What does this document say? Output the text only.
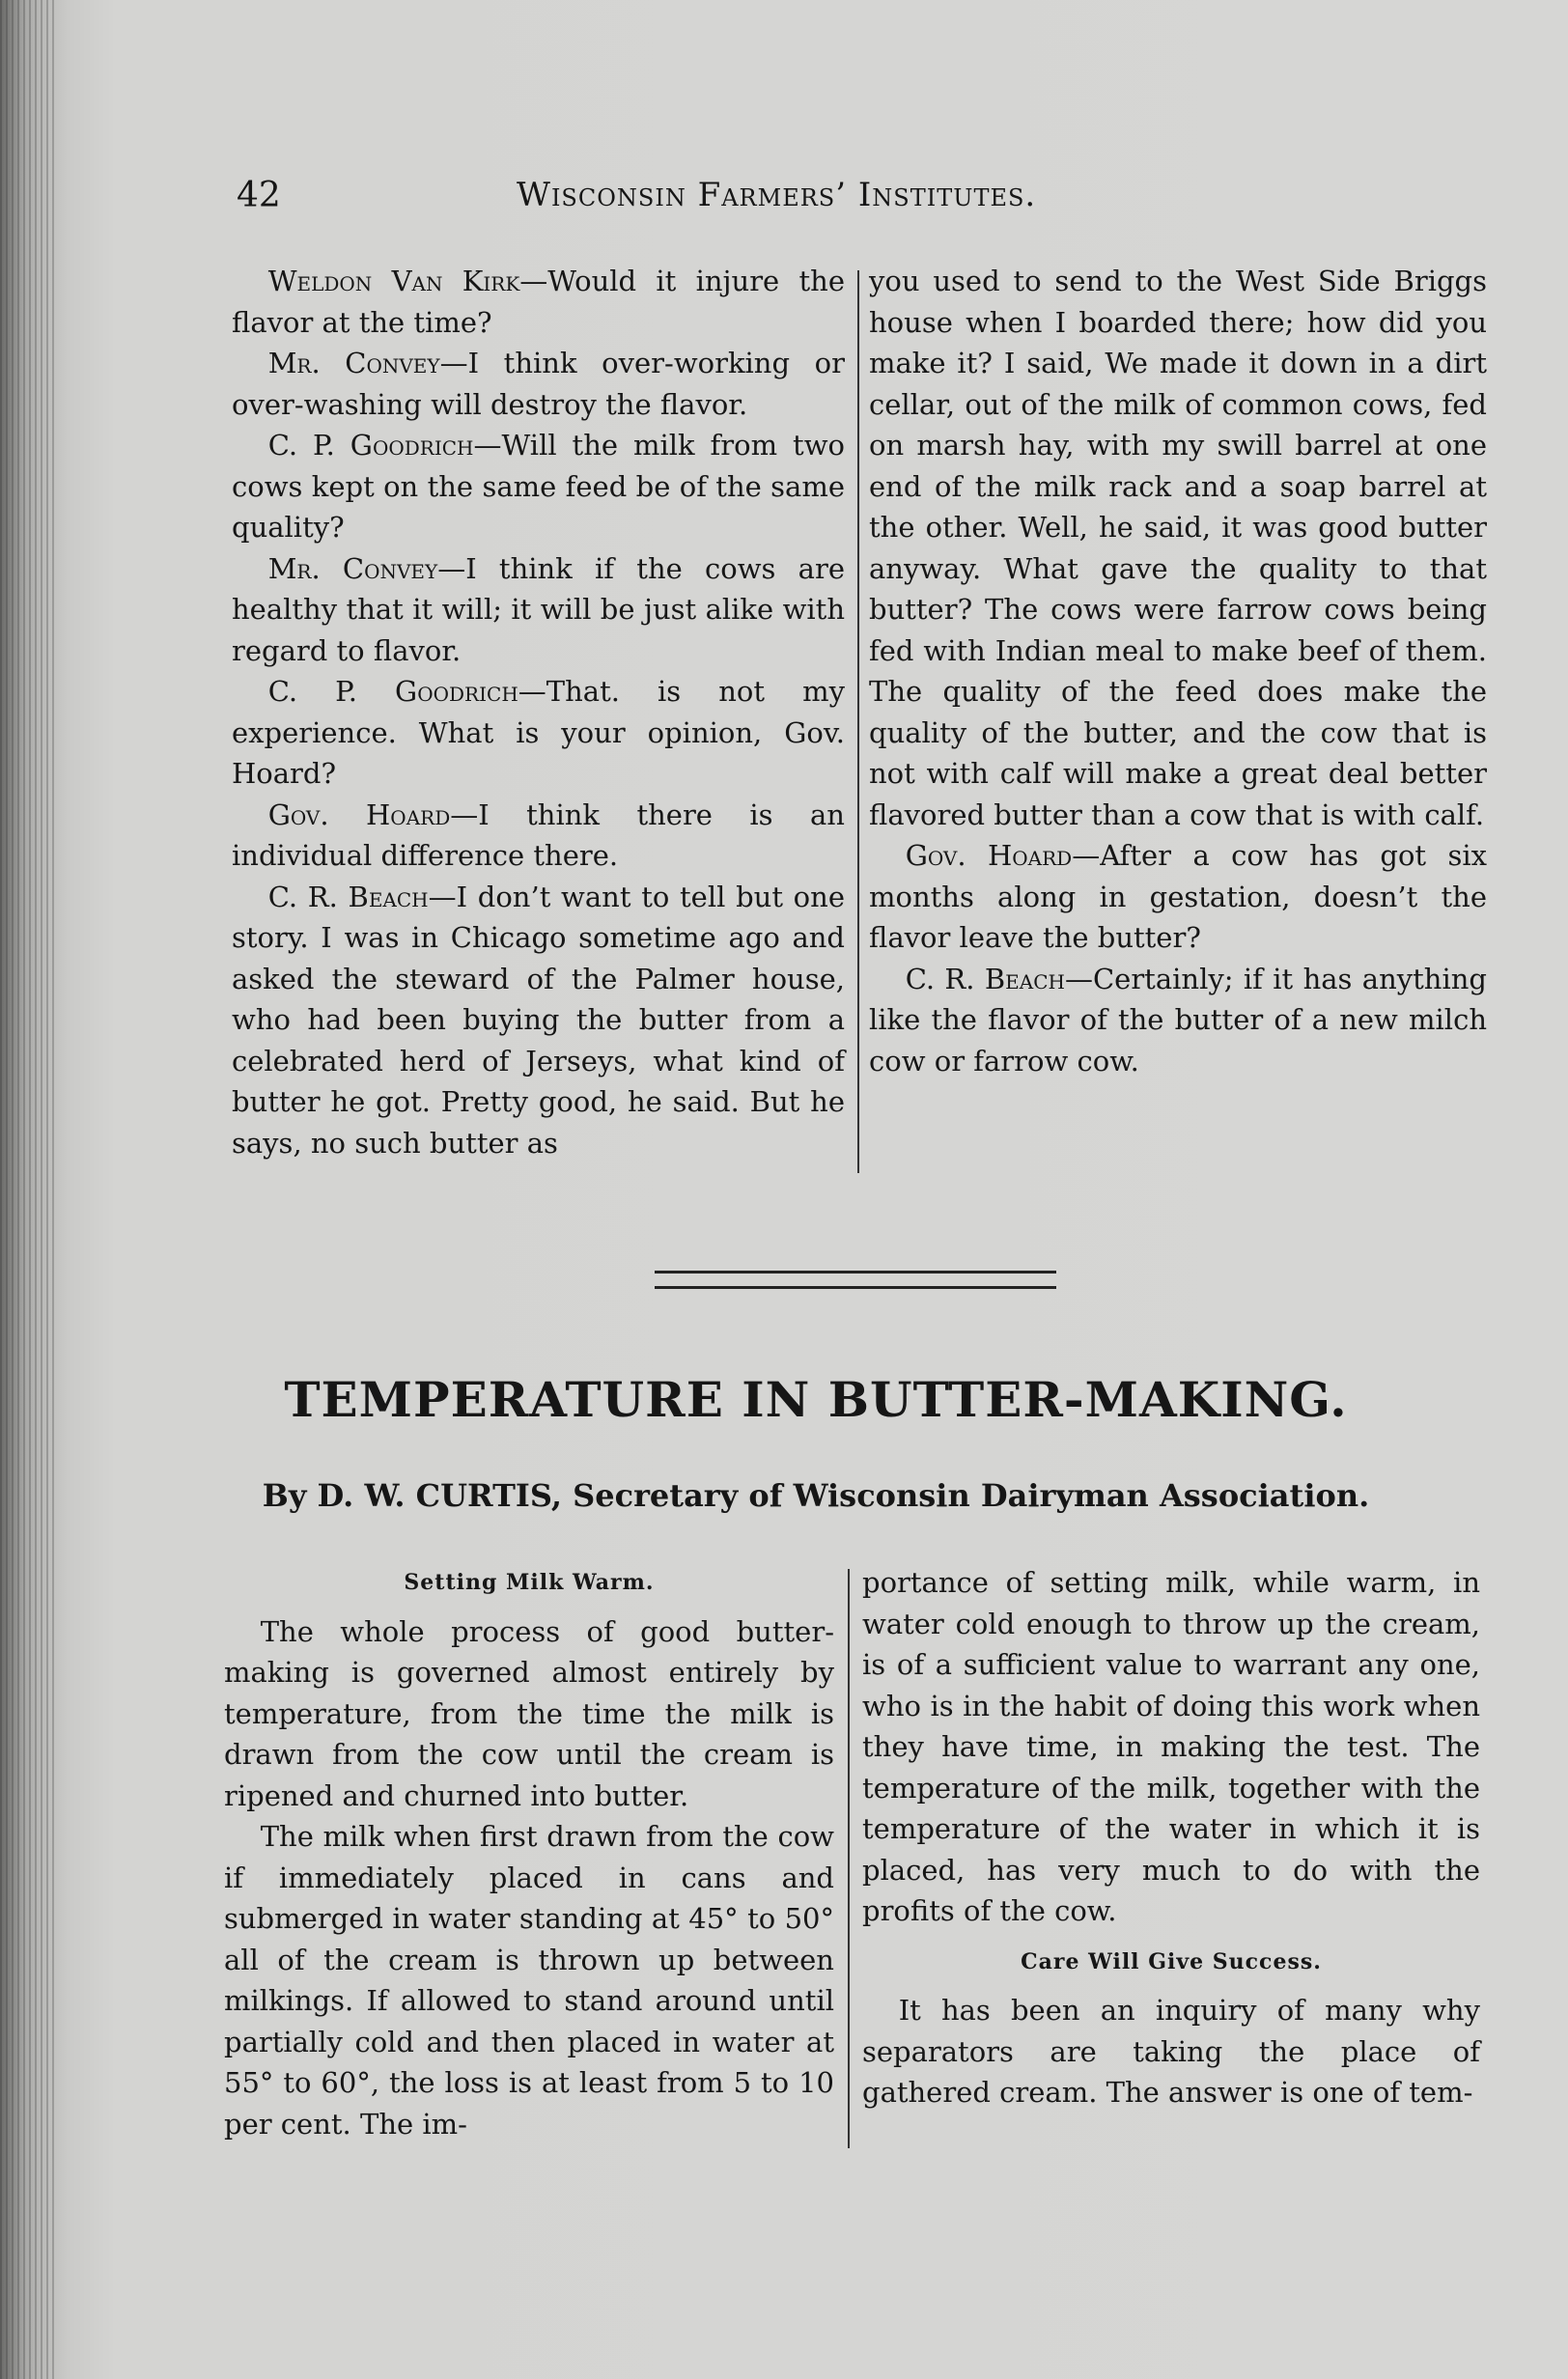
42	Wisconsin Farmers’ Institutes.

Weldon Van Kirk—Would it injure the flavor at the time?

Mr. Convey—I think over-working or over-washing will destroy the flavor.

C. P. Goodrich—Will the milk from two cows kept on the same feed be of the same quality?

Mr. Convey—I think if the cows are healthy that it will; it will be just alike with regard to flavor.

C. P. Goodrich—That. is not my experience. What is your opinion, Gov. Hoard?

Gov. Hoard—I think there is an individual difference there.

C. R. Beach—I don’t want to tell but one story. I was in Chicago sometime ago and asked the steward of the Palmer house, who had been buying the butter from a celebrated herd of Jerseys, what kind of butter he got. Pretty good, he said. But he says, no such butter as

you used to send to the West Side Briggs house when I boarded there; how did you make it? I said, We made it down in a dirt cellar, out of the milk of common cows, fed on marsh hay, with my swill barrel at one end of the milk rack and a soap barrel at the other. Well, he said, it was good butter anyway. What gave the quality to that butter? The cows were farrow cows being fed with Indian meal to make beef of them. The quality of the feed does make the quality of the butter, and the cow that is not with calf will make a great deal better flavored butter than a cow that is with calf.

Gov. Hoard—After a cow has got six months along in gestation, doesn’t the flavor leave the butter?

C. R. Beach—Certainly; if it has anything like the flavor of the butter of a new milch cow or farrow cow.

TEMPERATURE IN BUTTER-MAKING.
By D. W. CURTIS, Secretary of Wisconsin Dairyman Association.
Setting Milk Warm.

The whole process of good butter-making is governed almost entirely by temperature, from the time the milk is drawn from the cow until the cream is ripened and churned into butter.

The milk when first drawn from the cow if immediately placed in cans and submerged in water standing at 45° to 50° all of the cream is thrown up between milkings. If allowed to stand around until partially cold and then placed in water at 55° to 60°, the loss is at least from 5 to 10 per cent. The im-

portance of setting milk, while warm, in water cold enough to throw up the cream, is of a sufficient value to warrant any one, who is in the habit of doing this work when they have time, in making the test. The temperature of the milk, together with the temperature of the water in which it is placed, has very much to do with the profits of the cow.

Care Will Give Success.

It has been an inquiry of many why separators are taking the place of gathered cream. The answer is one of tem-
